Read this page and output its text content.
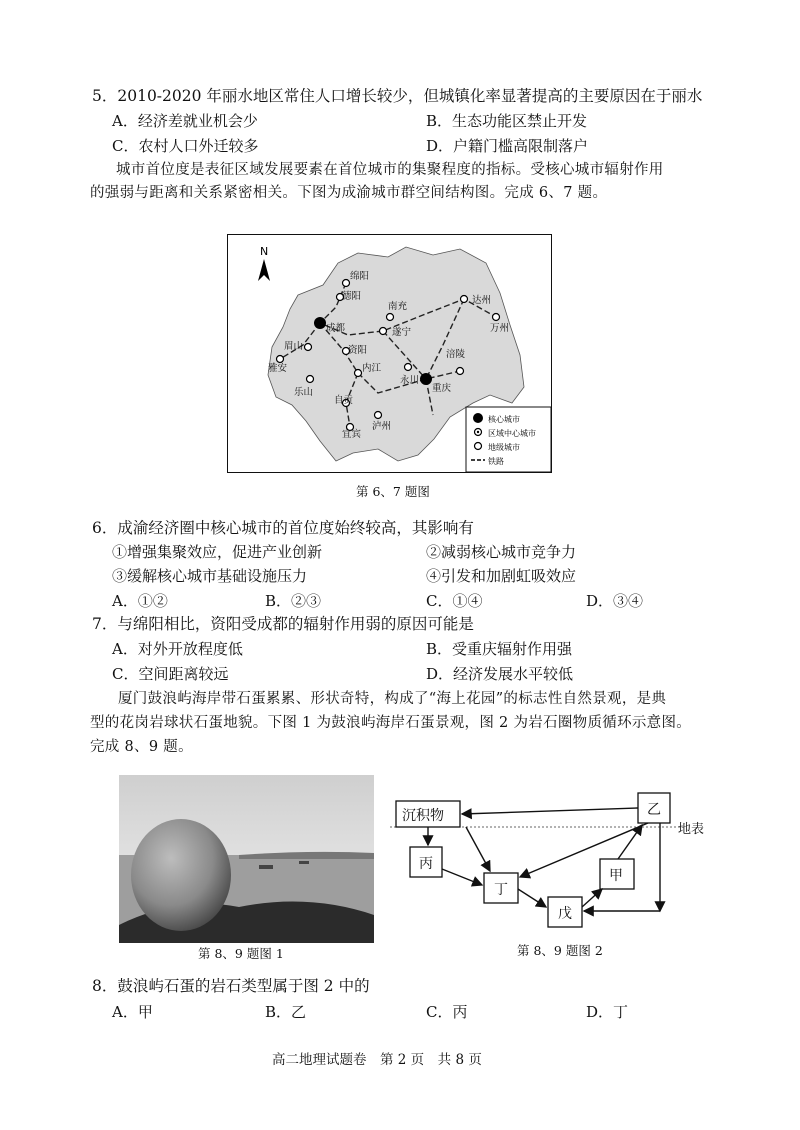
5．2010-2020 年丽水地区常住人口增长较少，但城镇化率显著提高的主要原因在于丽水
A．经济差就业机会少	B．生态功能区禁止开发
C．农村人口外迁较多	D．户籍门槛高限制落户
城市首位度是表征区域发展要素在首位城市的集聚程度的指标。受核心城市辐射作用
的强弱与距离和关系紧密相关。下图为成渝城市群空间结构图。完成 6、7 题。
N
绵阳
德阳
成都
南充
达州
万州
遂宁
眉山
雅安
资阳
内江
永川
重庆
涪陵
乐山
自贡
宜宾
泸州
核心城市
区域中心城市
地级城市
铁路
第 6、7 题图
6．成渝经济圈中核心城市的首位度始终较高，其影响有
①增强集聚效应，促进产业创新	②减弱核心城市竞争力
③缓解核心城市基础设施压力	④引发和加剧虹吸效应
A．①②	B．②③	C．①④	D．③④
7．与绵阳相比，资阳受成都的辐射作用弱的原因可能是
A．对外开放程度低	B．受重庆辐射作用强
C．空间距离较远	D．经济发展水平较低
厦门鼓浪屿海岸带石蛋累累、形状奇特，构成了“海上花园”的标志性自然景观，是典
型的花岗岩球状石蛋地貌。下图 1 为鼓浪屿海岸石蛋景观，图 2 为岩石圈物质循环示意图。
完成 8、9 题。
第 8、9 题图 1
沉积物	乙
丙
丁
甲
戊
地表
第 8、9 题图 2
8．鼓浪屿石蛋的岩石类型属于图 2 中的
A．甲	B．乙	C．丙	D．丁
高二地理试题卷　第 2 页　共 8 页
